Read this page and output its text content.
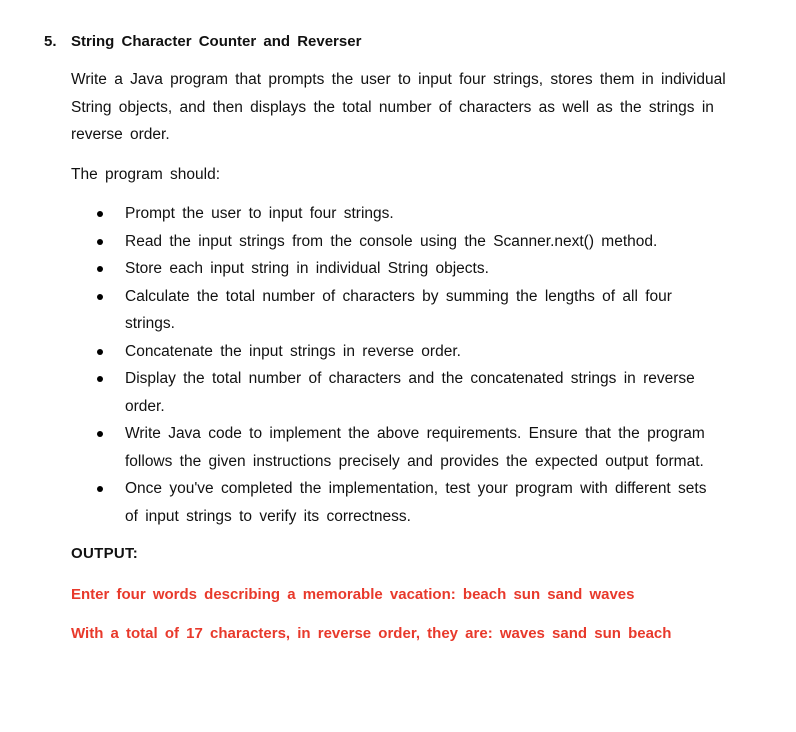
5. String Character Counter and Reverser

Write a Java program that prompts the user to input four strings, stores them in individual String objects, and then displays the total number of characters as well as the strings in reverse order.

The program should:

Prompt the user to input four strings.
Read the input strings from the console using the Scanner.next() method.
Store each input string in individual String objects.
Calculate the total number of characters by summing the lengths of all four strings.
Concatenate the input strings in reverse order.
Display the total number of characters and the concatenated strings in reverse order.
Write Java code to implement the above requirements. Ensure that the program follows the given instructions precisely and provides the expected output format.
Once you've completed the implementation, test your program with different sets of input strings to verify its correctness.
OUTPUT:
Enter four words describing a memorable vacation: beach sun sand waves
With a total of 17 characters, in reverse order, they are: waves sand sun beach
